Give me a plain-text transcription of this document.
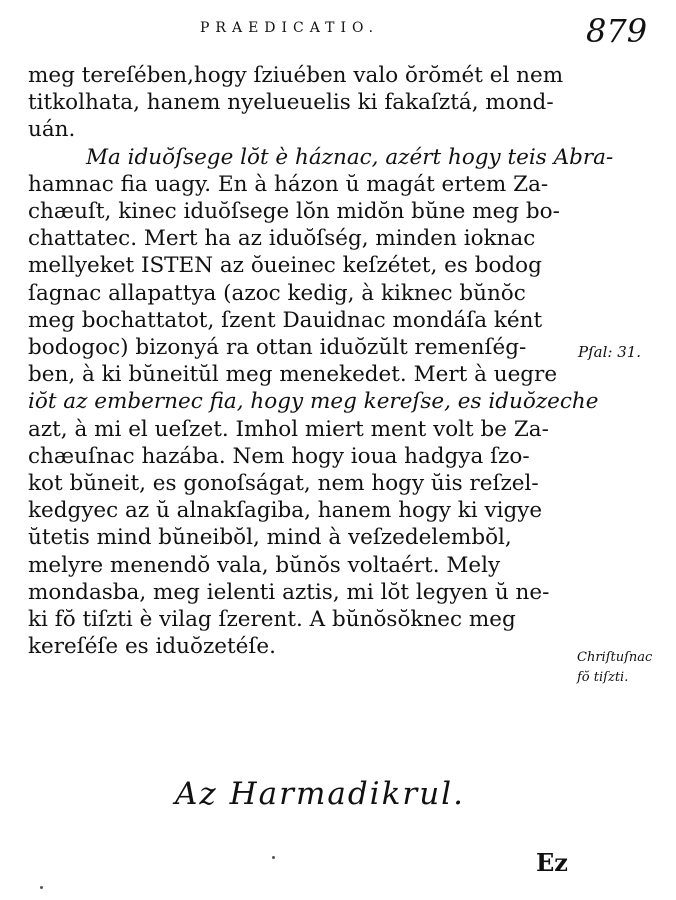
PRAEDICATIO.	879
meg tereſében,hogy ſziuében valo ŏrŏmét el nem
titkolhata, hanem nyelueuelis ki fakaſztá, mond-
uán.
Ma iduŏſsege lŏt è háznac, azért hogy teis Abra-
hamnac fia uagy. En à házon ŭ magát ertem Za-
chæuſt, kinec iduŏſsege lŏn midŏn bŭne meg bo-
chattatec. Mert ha az iduŏſség, minden ioknac
mellyeket ISTEN az ŏueinec keſzétet, es bodog
ſagnac allapattya (azoc kedig, à kiknec bŭnŏc
meg bochattatot, ſzent Dauidnac mondáſa ként
bodogoc) bizonyá ra ottan iduŏzŭlt remenſég-
ben, à ki bŭneitŭl meg menekedet. Mert à uegre
iŏt az embernec fia, hogy meg kereſse, es iduŏzeche
azt, à mi el ueſzet. Imhol miert ment volt be Za-
chæuſnac hazába. Nem hogy ioua hadgya ſzo-
kot bŭneit, es gonoſságat, nem hogy ŭis reſzel-
kedgyec az ŭ alnakſagiba, hanem hogy ki vigye
ŭtetis mind bŭneibŏl, mind à veſzedelembŏl,
melyre menendŏ vala, bŭnŏs voltaért. Mely
mondasba, meg ielenti aztis, mi lŏt legyen ŭ ne-
ki fŏ tiſzti è vilag ſzerent. A bŭnŏsŏknec meg
kereſéſe es iduŏzetéſe.
Pſal: 31.
Chriſtuſnac
fŏ tiſzti.
Az Harmadikrul.
Ez
